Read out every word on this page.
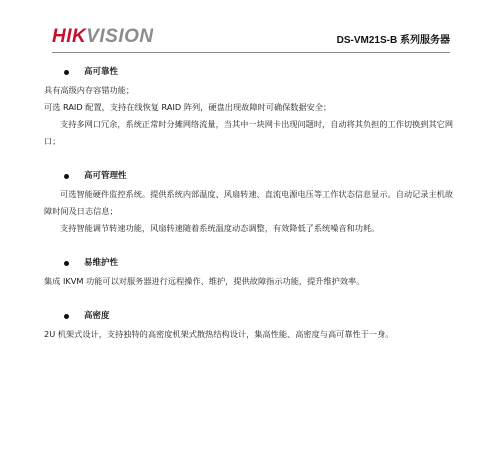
HIKVISION	DS-VM21S-B 系列服务器
高可靠性
具有高级内存容错功能；
可选 RAID 配置，支持在线恢复 RAID 阵列，硬盘出现故障时可确保数据安全；
支持多网口冗余，系统正常时分摊网络流量，当其中一块网卡出现问题时，自动将其负担的工作切换到其它网口；
高可管理性
可选智能硬件监控系统。提供系统内部温度、风扇转速、直流电源电压等工作状态信息显示。自动记录主机故障时间及日志信息；
支持智能调节转速功能，风扇转速随着系统温度动态调整，有效降低了系统噪音和功耗。
易维护性
集成 IKVM 功能可以对服务器进行远程操作、维护，提供故障指示功能，提升维护效率。
高密度
2U 机架式设计，支持独特的高密度机架式散热结构设计，集高性能、高密度与高可靠性于一身。
